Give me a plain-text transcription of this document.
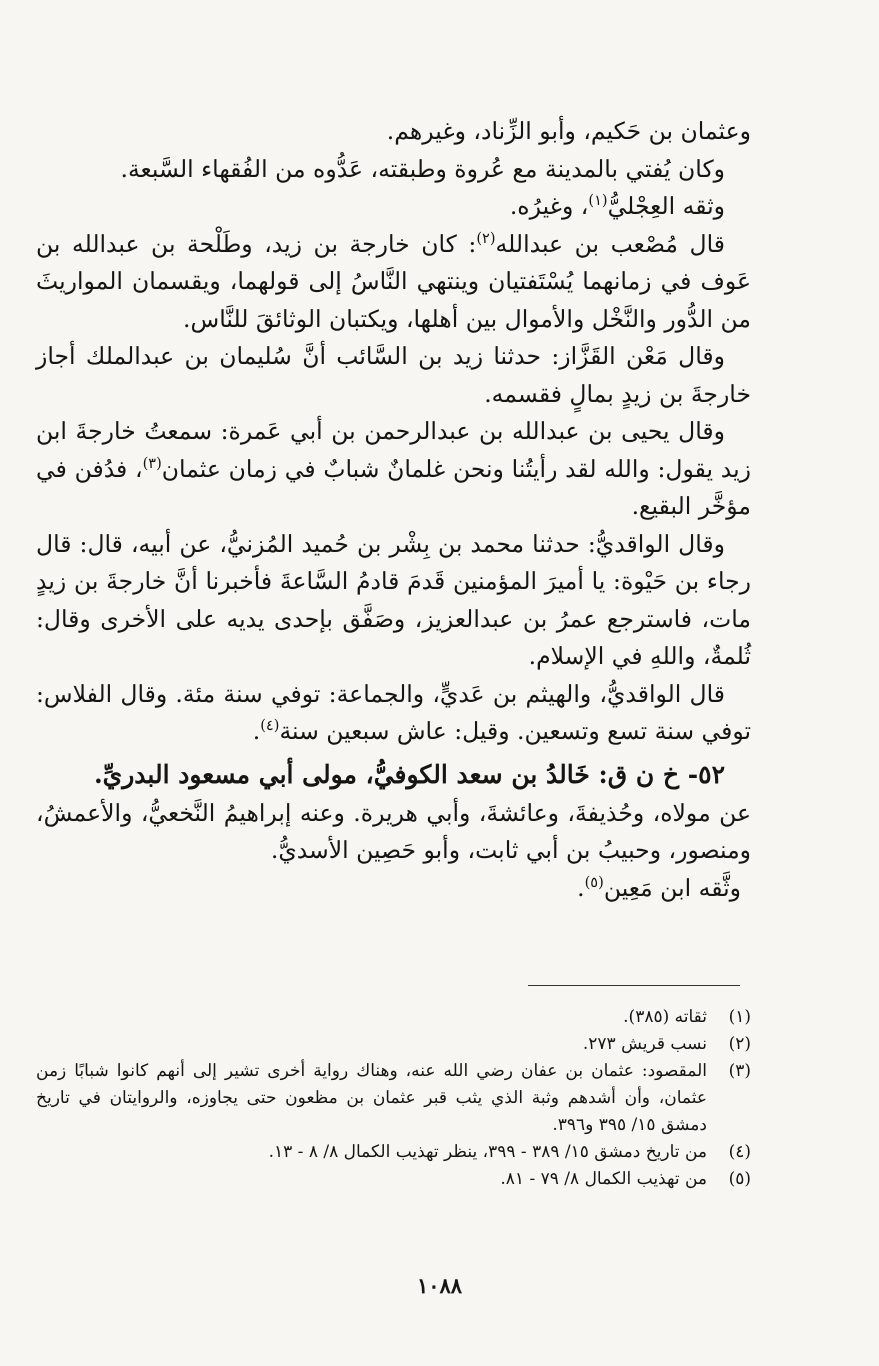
وعثمان بن حَكيم، وأبو الزِّناد، وغيرهم.

وكان يُفتي بالمدينة مع عُروة وطبقته، عَدُّوه من الفُقهاء السَّبعة.

وثقه العِجْليُّ$^{(١)}$، وغيرُه.

قال مُصْعب بن عبدالله$^{(٢)}$: كان خارجة بن زيد، وطَلْحة بن عبدالله بن عَوف في زمانهما يُسْتَفتيان وينتهي النَّاسُ إلى قولهما، ويقسمان المواريثَ من الدُّور والنَّخْل والأموال بين أهلها، ويكتبان الوثائقَ للنَّاس.

وقال مَعْن القَزَّاز: حدثنا زيد بن السَّائب أنَّ سُليمان بن عبدالملك أجاز خارجةَ بن زيدٍ بمالٍ فقسمه.

وقال يحيى بن عبدالله بن عبدالرحمن بن أبي عَمرة: سمعتُ خارجةَ ابن زيد يقول: والله لقد رأيتُنا ونحن غلمانٌ شبابٌ في زمان عثمان$^{(٣)}$، فدُفن في مؤخَّر البقيع.

وقال الواقديُّ: حدثنا محمد بن بِشْر بن حُميد المُزنيُّ، عن أبيه، قال: قال رجاء بن حَيْوة: يا أميرَ المؤمنين قَدمَ قادمُ السَّاعةَ فأخبرنا أنَّ خارجةَ بن زيدٍ مات، فاسترجع عمرُ بن عبدالعزيز، وصَفَّق بإحدى يديه على الأخرى وقال: ثُلمةٌ، واللهِ في الإسلام.

قال الواقديُّ، والهيثم بن عَديٍّ، والجماعة: توفي سنة مئة. وقال الفلاس: توفي سنة تسع وتسعين. وقيل: عاش سبعين سنة$^{(٤)}$.

٥٢- خ ن ق: خَالدُ بن سعد الكوفيُّ، مولى أبي مسعود البدريِّ.

عن مولاه، وحُذيفةَ، وعائشةَ، وأبي هريرة. وعنه إبراهيمُ النَّخعيُّ، والأعمشُ، ومنصور، وحبيبُ بن أبي ثابت، وأبو حَصِين الأسديُّ.

وثَّقه ابن مَعِين$^{(٥)}$.

(١)
ثقاته (٣٨٥).
(٢)
نسب قريش ٢٧٣.
(٣)
المقصود: عثمان بن عفان رضي الله عنه، وهناك رواية أخرى تشير إلى أنهم كانوا شبابًا زمن عثمان، وأن أشدهم وثبة الذي يثب قبر عثمان بن مظعون حتى يجاوزه، والروايتان في تاريخ دمشق ١٥/ ٣٩٥ و٣٩٦.
(٤)
من تاريخ دمشق ١٥/ ٣٨٩ - ٣٩٩، ينظر تهذيب الكمال ٨/ ٨ - ١٣.
(٥)
من تهذيب الكمال ٨/ ٧٩ - ٨١.
١٠٨٨
